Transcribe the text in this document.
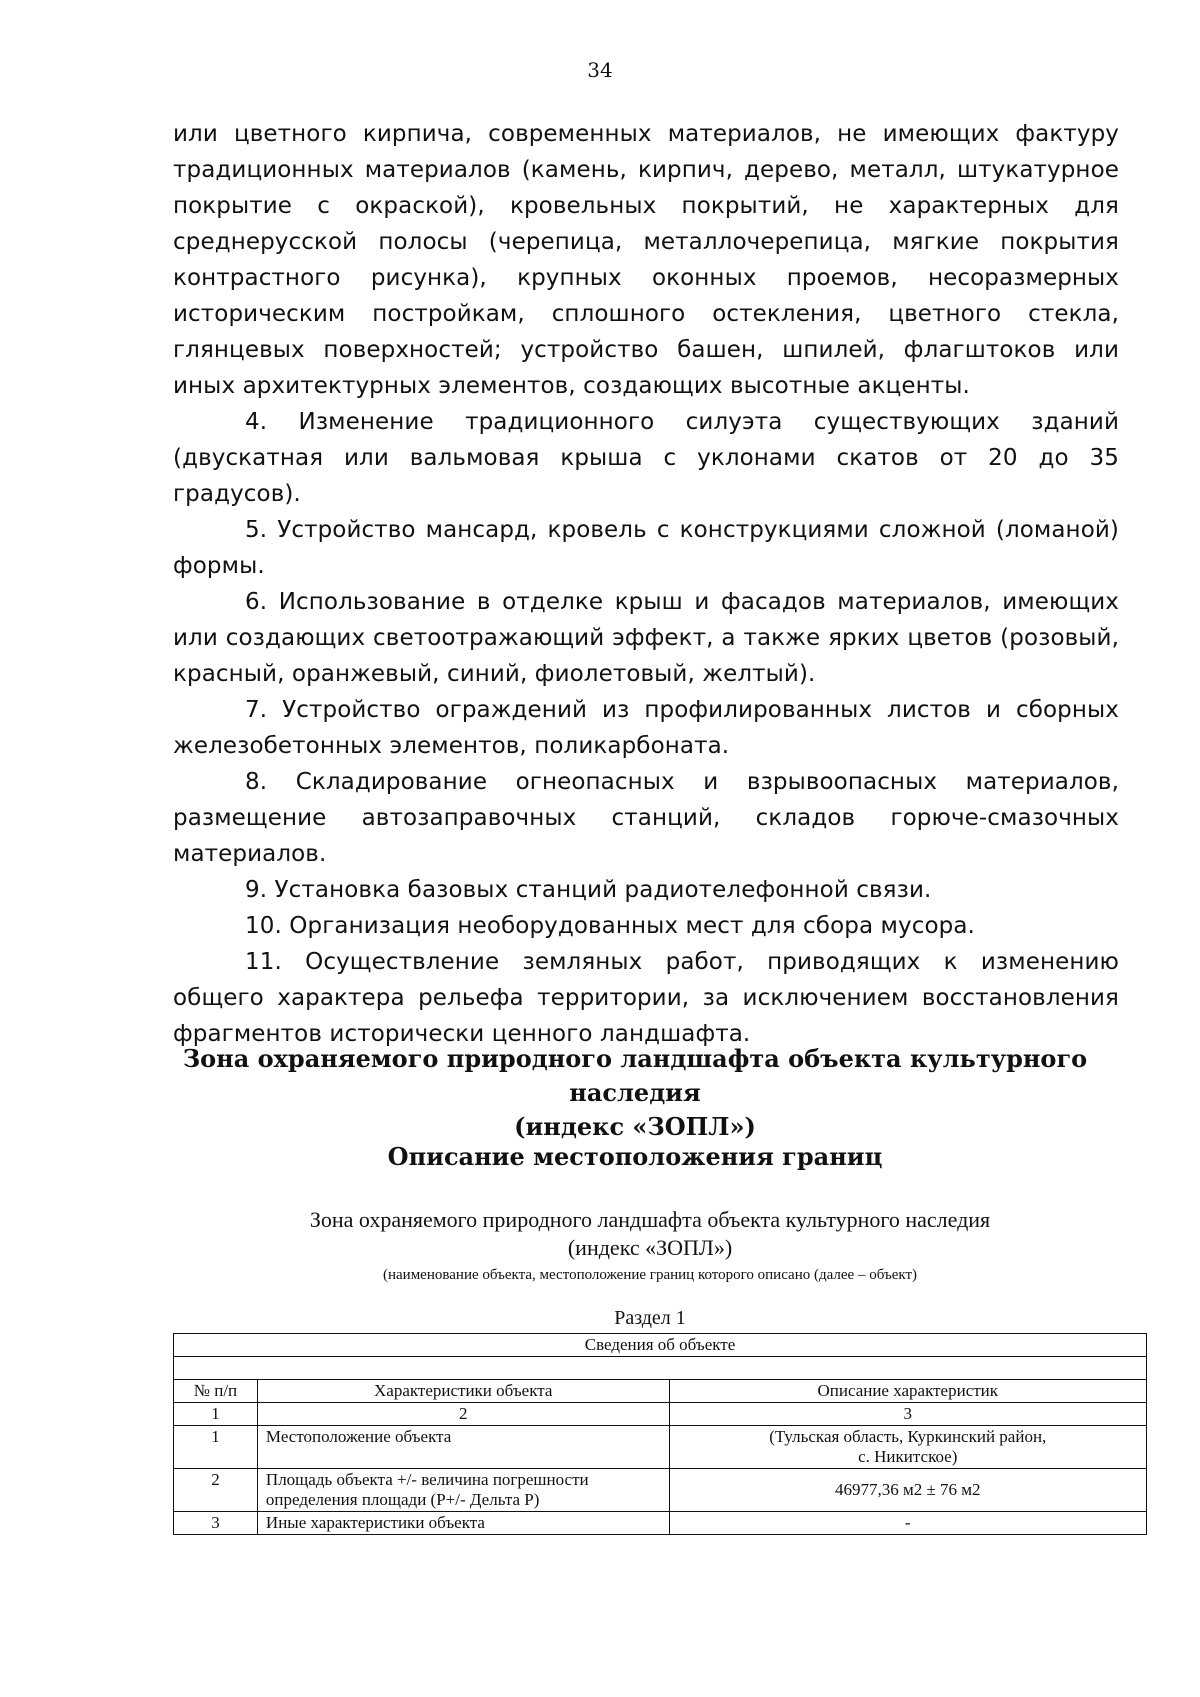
34

или цветного кирпича, современных материалов, не имеющих фактуру традиционных материалов (камень, кирпич, дерево, металл, штукатурное покрытие с окраской), кровельных покрытий, не характерных для среднерусской полосы (черепица, металлочерепица, мягкие покрытия контрастного рисунка), крупных оконных проемов, несоразмерных историческим постройкам, сплошного остекления, цветного стекла, глянцевых поверхностей; устройство башен, шпилей, флагштоков или иных архитектурных элементов, создающих высотные акценты.

4. Изменение традиционного силуэта существующих зданий (двускатная или вальмовая крыша с уклонами скатов от 20 до 35 градусов).

5. Устройство мансард, кровель с конструкциями сложной (ломаной) формы.

6. Использование в отделке крыш и фасадов материалов, имеющих или создающих светоотражающий эффект, а также ярких цветов (розовый, красный, оранжевый, синий, фиолетовый, желтый).

7. Устройство ограждений из профилированных листов и сборных железобетонных элементов, поликарбоната.

8. Складирование огнеопасных и взрывоопасных материалов, размещение автозаправочных станций, складов горюче-смазочных материалов.

9. Установка базовых станций радиотелефонной связи.

10. Организация необорудованных мест для сбора мусора.

11. Осуществление земляных работ, приводящих к изменению общего характера рельефа территории, за исключением восстановления фрагментов исторически ценного ландшафта.

Зона охраняемого природного ландшафта объекта культурного наследия
(индекс «ЗОПЛ»)
Описание местоположения границ
Зона охраняемого природного ландшафта объекта культурного наследия
(индекс «ЗОПЛ»)
(наименование объекта, местоположение границ которого описано (далее – объект)
Раздел 1
Сведения об объекте		

№ п/п	Характеристики объекта	Описание характеристик
1	2	3
1	Местоположение объекта	(Тульская область, Куркинский район,
с. Никитское)

2	Площадь объекта +/- величина погрешности
определения площади (P+/- Дельта P)	46977,36 м2 ± 76 м2
3	Иные характеристики объекта	-
